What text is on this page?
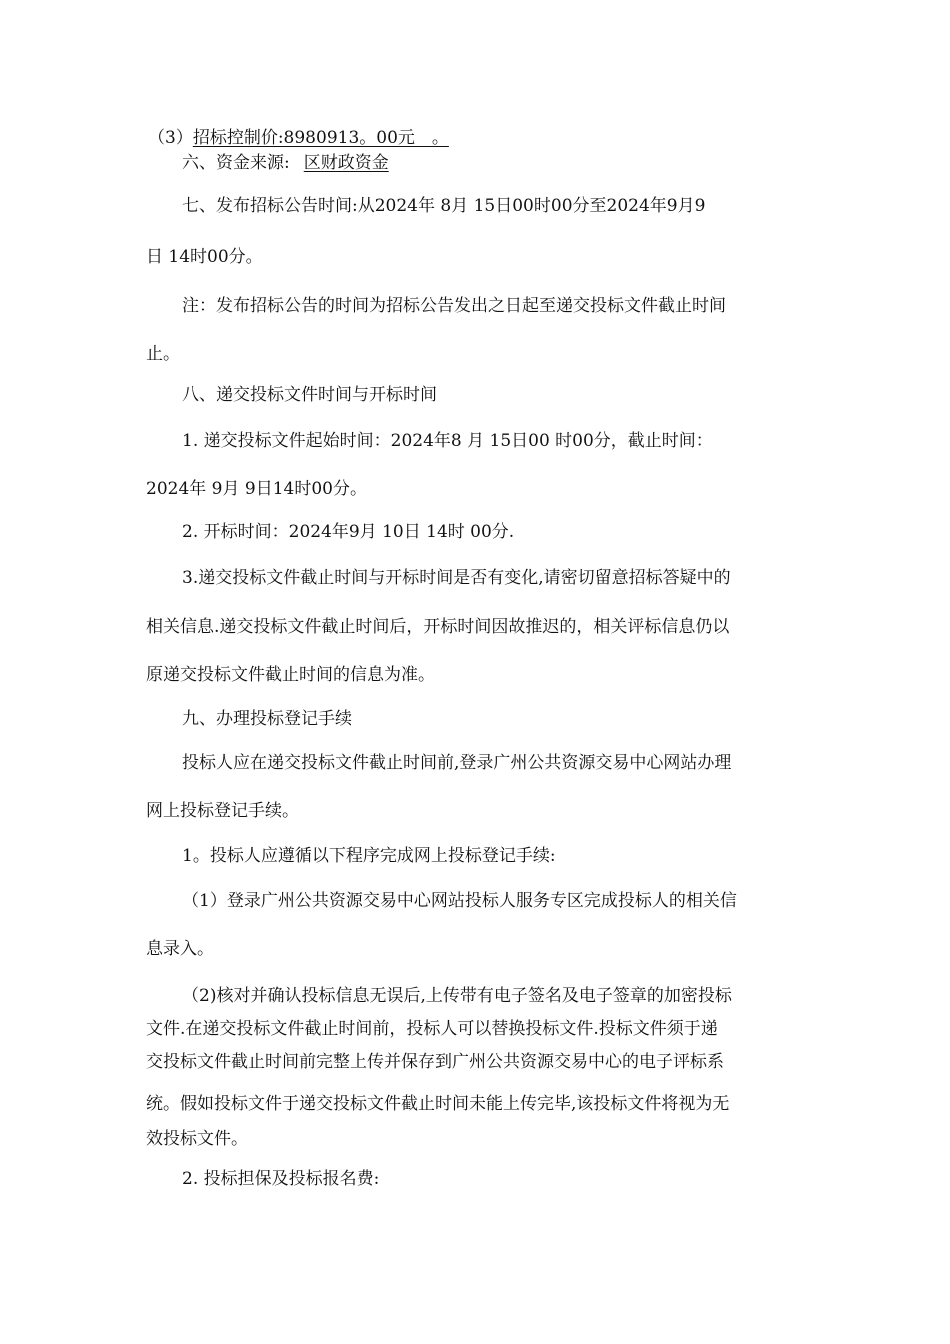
（3）招标控制价:8980913。00元　。
六、资金来源: 区财政资金
七、发布招标公告时间:从2024年 8月 15日00时00分至2024年9月9
日 14时00分。
注：发布招标公告的时间为招标公告发出之日起至递交投标文件截止时间
止。
八、递交投标文件时间与开标时间
1. 递交投标文件起始时间：2024年8 月 15日00 时00分，截止时间：
2024年 9月 9日14时00分。
2. 开标时间：2024年9月 10日 14时 00分.
3.递交投标文件截止时间与开标时间是否有变化,请密切留意招标答疑中的
相关信息.递交投标文件截止时间后，开标时间因故推迟的，相关评标信息仍以
原递交投标文件截止时间的信息为准。
九、办理投标登记手续
投标人应在递交投标文件截止时间前,登录广州公共资源交易中心网站办理
网上投标登记手续。
1。投标人应遵循以下程序完成网上投标登记手续:
（1）登录广州公共资源交易中心网站投标人服务专区完成投标人的相关信
息录入。
（2)核对并确认投标信息无误后,上传带有电子签名及电子签章的加密投标
文件.在递交投标文件截止时间前，投标人可以替换投标文件.投标文件须于递
交投标文件截止时间前完整上传并保存到广州公共资源交易中心的电子评标系
统。假如投标文件于递交投标文件截止时间未能上传完毕,该投标文件将视为无
效投标文件。
2. 投标担保及投标报名费:
